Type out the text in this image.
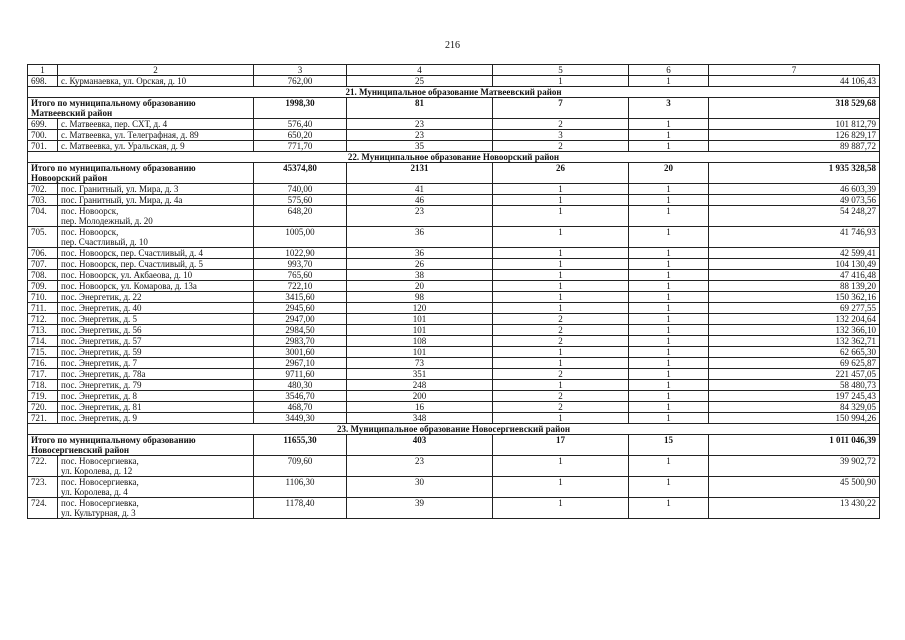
216
1	2	3	4	5	6	7
698.	с. Курманаевка, ул. Орская, д. 10	762,00	25	1	1	44 106,43
21. Муниципальное образование Матвеевский район						

Итого по муниципальному образованию
Матвеевский район		1998,30	81	7	3	318 529,68
699.	с. Матвеевка, пер. СХТ, д. 4	576,40	23	2	1	101 812,79
700.	с. Матвеевка, ул. Телеграфная, д. 89	650,20	23	3	1	126 829,17
701.	с. Матвеевка, ул. Уральская, д. 9	771,70	35	2	1	89 887,72
22. Муниципальное образование Новоорский район						

Итого по муниципальному образованию
Новоорский район		45374,80	2131	26	20	1 935 328,58
702.	пос. Гранитный, ул. Мира, д. 3	740,00	41	1	1	46 603,39
703.	пос. Гранитный, ул. Мира, д. 4а	575,60	46	1	1	49 073,56
704.	пос. Новоорск,
пер. Молодежный, д. 20	648,20	23	1	1	54 248,27
705.	пос. Новоорск,
пер. Счастливый, д. 10	1005,00	36	1	1	41 746,93
706.	пос. Новоорск, пер. Счастливый, д. 4	1022,90	36	1	1	42 599,41
707.	пос. Новоорск, пер. Счастливый, д. 5	993,70	26	1	1	104 130,49
708.	пос. Новоорск, ул. Акбаеова, д. 10	765,60	38	1	1	47 416,48
709.	пос. Новоорск, ул. Комарова, д. 13а	722,10	20	1	1	88 139,20
710.	пос. Энергетик, д. 22	3415,60	98	1	1	150 362,16
711.	пос. Энергетик, д. 40	2945,60	120	1	1	69 277,55
712.	пос. Энергетик, д. 5	2947,00	101	2	1	132 204,64
713.	пос. Энергетик, д. 56	2984,50	101	2	1	132 366,10
714.	пос. Энергетик, д. 57	2983,70	108	2	1	132 362,71
715.	пос. Энергетик, д. 59	3001,60	101	1	1	62 665,30
716.	пос. Энергетик, д. 7	2967,10	73	1	1	69 625,87
717.	пос. Энергетик, д. 78а	9711,60	351	2	1	221 457,05
718.	пос. Энергетик, д. 79	480,30	248	1	1	58 480,73
719.	пос. Энергетик, д. 8	3546,70	200	2	1	197 245,43
720.	пос. Энергетик, д. 81	468,70	16	2	1	84 329,05
721.	пос. Энергетик, д. 9	3449,30	348	1	1	150 994,26
23. Муниципальное образование Новосергиевский район						

Итого по муниципальному образованию
Новосергиевский район		11655,30	403	17	15	1 011 046,39
722.	пос. Новосергиевка,
ул. Королева, д. 12	709,60	23	1	1	39 902,72
723.	пос. Новосергиевка,
ул. Королева, д. 4	1106,30	30	1	1	45 500,90
724.	пос. Новосергиевка,
ул. Культурная, д. 3	1178,40	39	1	1	13 430,22
